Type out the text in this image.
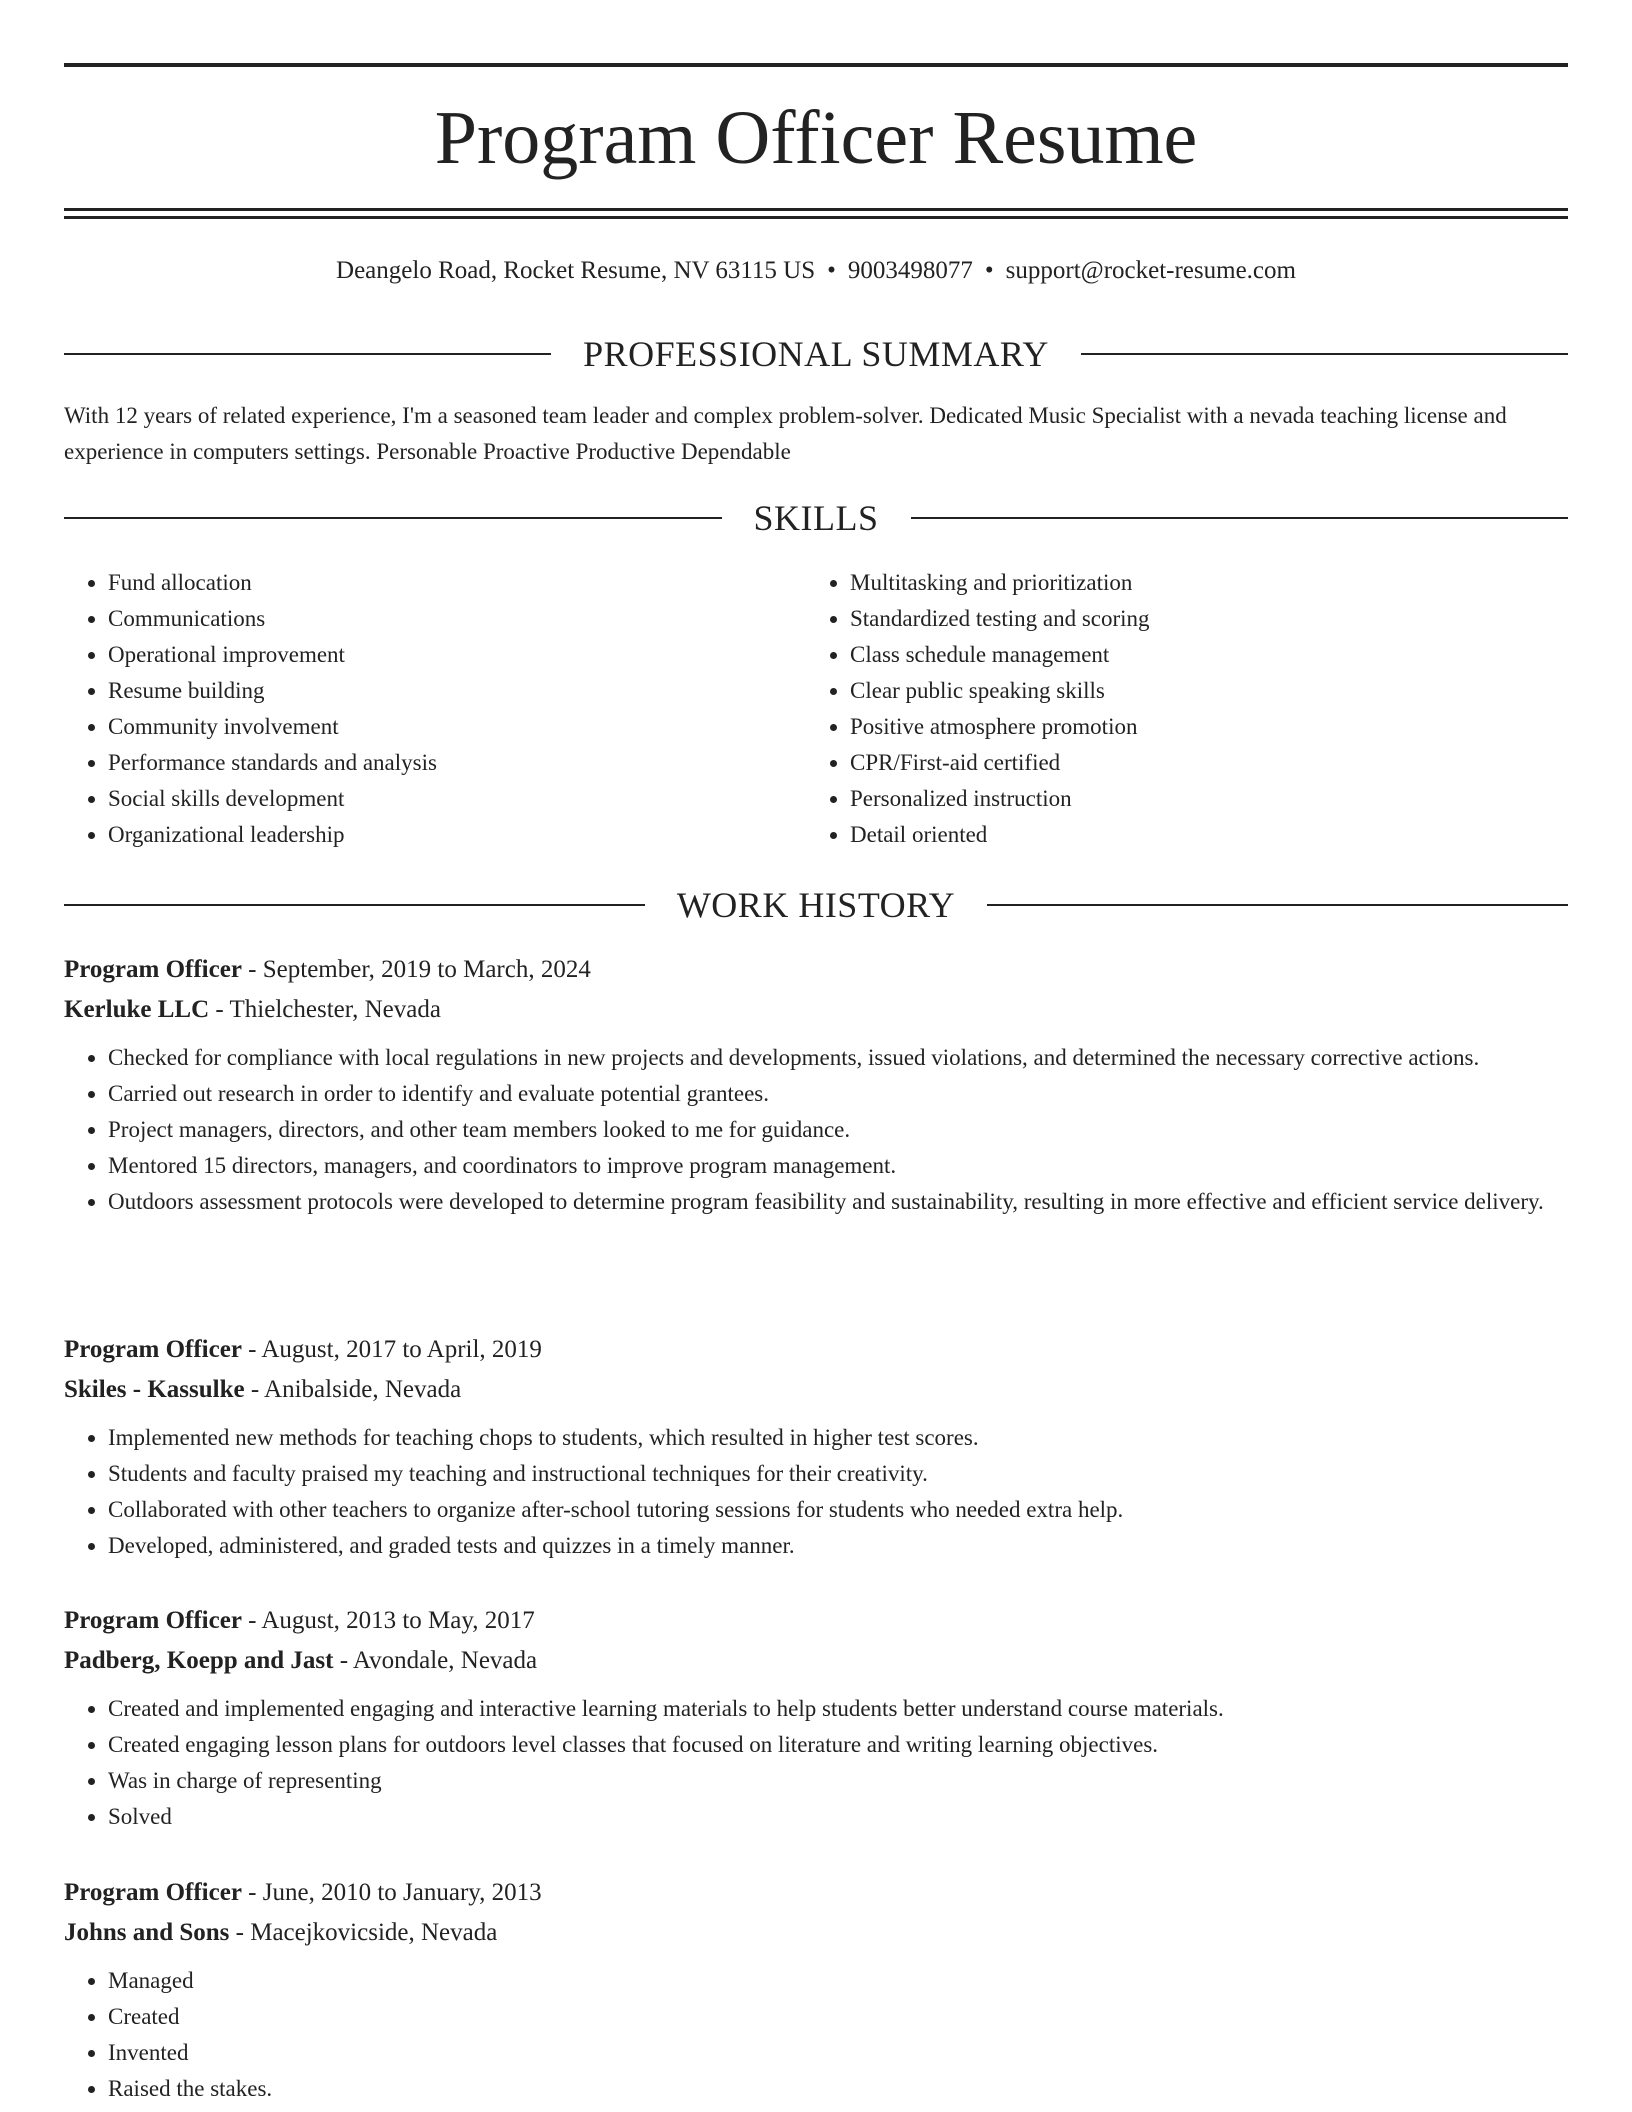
Program Officer Resume
Deangelo Road, Rocket Resume, NV 63115 US • 9003498077 • support@rocket-resume.com
PROFESSIONAL SUMMARY

With 12 years of related experience, I'm a seasoned team leader and complex problem-solver. Dedicated Music Specialist with a nevada teaching license and experience in computers settings. Personable Proactive Productive Dependable

SKILLS
• Fund allocation
• Communications
• Operational improvement
• Resume building
• Community involvement
• Performance standards and analysis
• Social skills development
• Organizational leadership
• Multitasking and prioritization
• Standardized testing and scoring
• Class schedule management
• Clear public speaking skills
• Positive atmosphere promotion
• CPR/First-aid certified
• Personalized instruction
• Detail oriented
WORK HISTORY

Program Officer - September, 2019 to March, 2024

Kerluke LLC - Thielchester, Nevada

• Checked for compliance with local regulations in new projects and developments, issued violations, and determined the necessary corrective actions.
• Carried out research in order to identify and evaluate potential grantees.
• Project managers, directors, and other team members looked to me for guidance.
• Mentored 15 directors, managers, and coordinators to improve program management.
• Outdoors assessment protocols were developed to determine program feasibility and sustainability, resulting in more effective and efficient service delivery.

Program Officer - August, 2017 to April, 2019

Skiles - Kassulke - Anibalside, Nevada

• Implemented new methods for teaching chops to students, which resulted in higher test scores.
• Students and faculty praised my teaching and instructional techniques for their creativity.
• Collaborated with other teachers to organize after-school tutoring sessions for students who needed extra help.
• Developed, administered, and graded tests and quizzes in a timely manner.

Program Officer - August, 2013 to May, 2017

Padberg, Koepp and Jast - Avondale, Nevada

• Created and implemented engaging and interactive learning materials to help students better understand course materials.
• Created engaging lesson plans for outdoors level classes that focused on literature and writing learning objectives.
• Was in charge of representing
• Solved

Program Officer - June, 2010 to January, 2013

Johns and Sons - Macejkovicside, Nevada

• Managed
• Created
• Invented
• Raised the stakes.
